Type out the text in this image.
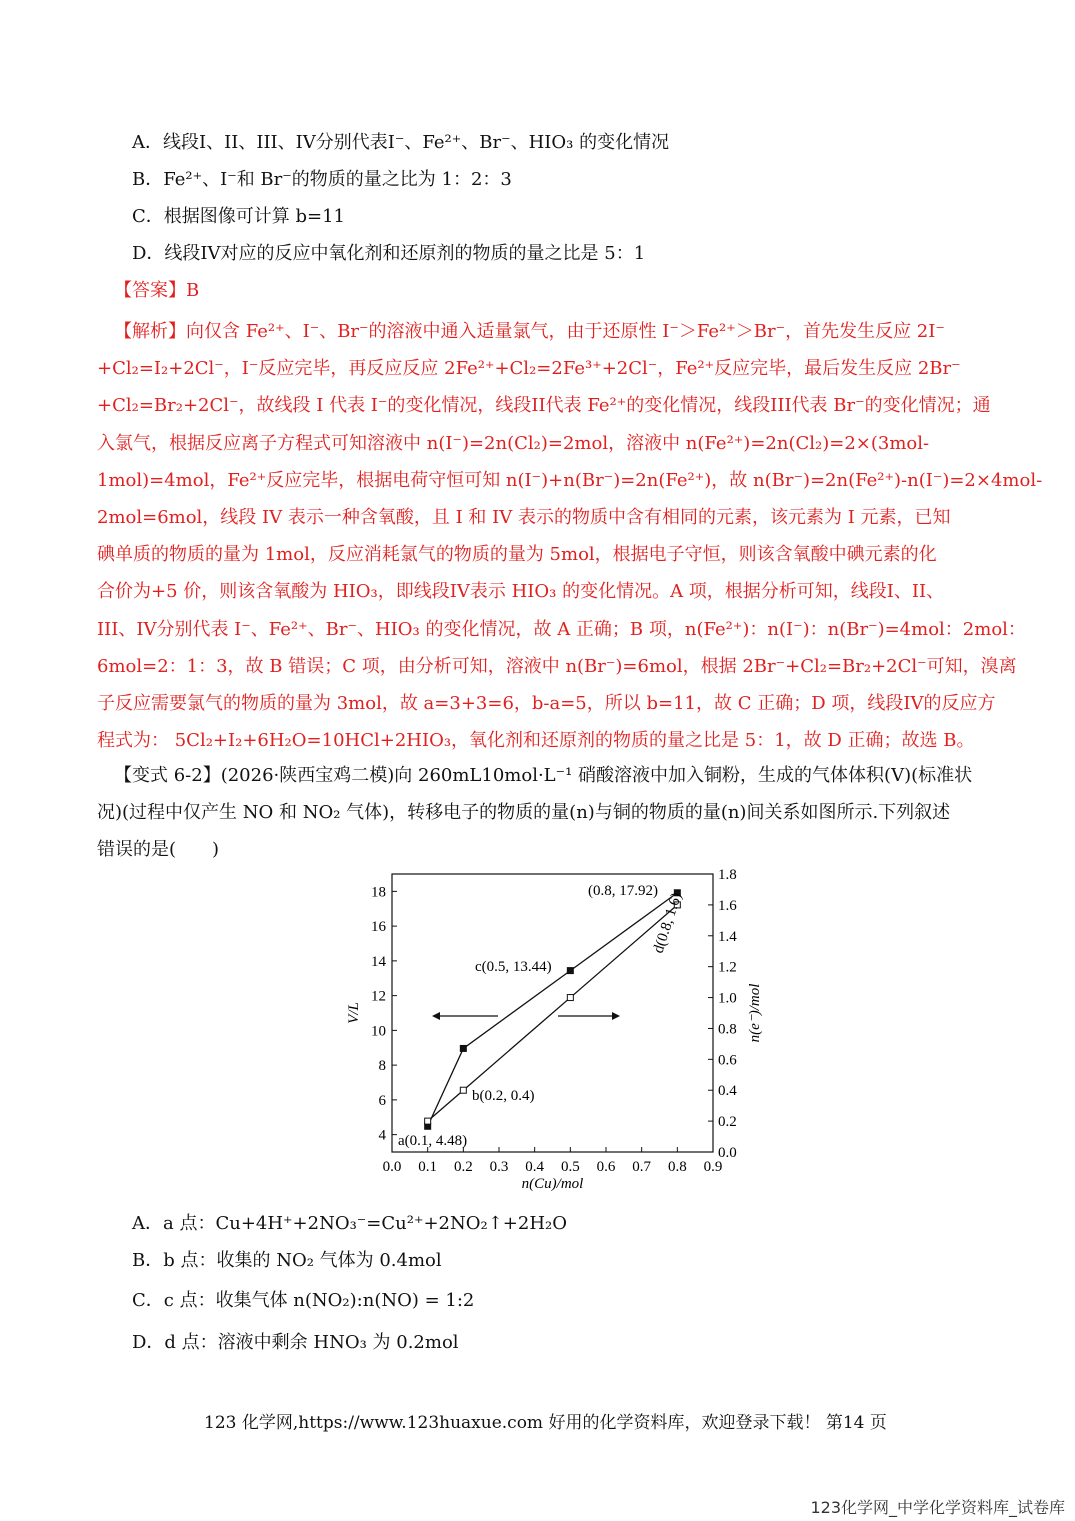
A．线段I、II、III、IV分别代表I⁻、Fe²⁺、Br⁻、HIO₃ 的变化情况
B．Fe²⁺、I⁻和 Br⁻的物质的量之比为 1：2：3
C．根据图像可计算 b=11
D．线段IV对应的反应中氧化剂和还原剂的物质的量之比是 5：1
【答案】B
【解析】向仅含 Fe²⁺、I⁻、Br⁻的溶液中通入适量氯气，由于还原性 I⁻＞Fe²⁺＞Br⁻，首先发生反应 2I⁻
+Cl₂=I₂+2Cl⁻，I⁻反应完毕，再反应反应 2Fe²⁺+Cl₂=2Fe³⁺+2Cl⁻，Fe²⁺反应完毕，最后发生反应 2Br⁻
+Cl₂=Br₂+2Cl⁻，故线段 I 代表 I⁻的变化情况，线段II代表 Fe²⁺的变化情况，线段III代表 Br⁻的变化情况；通
入氯气，根据反应离子方程式可知溶液中 n(I⁻)=2n(Cl₂)=2mol，溶液中 n(Fe²⁺)=2n(Cl₂)=2×(3mol-
1mol)=4mol，Fe²⁺反应完毕，根据电荷守恒可知 n(I⁻)+n(Br⁻)=2n(Fe²⁺)，故 n(Br⁻)=2n(Fe²⁺)-n(I⁻)=2×4mol-
2mol=6mol，线段 IV 表示一种含氧酸，且 I 和 IV 表示的物质中含有相同的元素，该元素为 I 元素，已知
碘单质的物质的量为 1mol，反应消耗氯气的物质的量为 5mol，根据电子守恒，则该含氧酸中碘元素的化
合价为+5 价，则该含氧酸为 HIO₃，即线段IV表示 HIO₃ 的变化情况。A 项，根据分析可知，线段I、II、
III、IV分别代表 I⁻、Fe²⁺、Br⁻、HIO₃ 的变化情况，故 A 正确；B 项，n(Fe²⁺)：n(I⁻)：n(Br⁻)=4mol：2mol：
6mol=2：1：3，故 B 错误；C 项，由分析可知，溶液中 n(Br⁻)=6mol，根据 2Br⁻+Cl₂=Br₂+2Cl⁻可知，溴离
子反应需要氯气的物质的量为 3mol，故 a=3+3=6，b-a=5，所以 b=11，故 C 正确；D 项，线段IV的反应方
程式为： 5Cl₂+I₂+6H₂O=10HCl+2HIO₃，氧化剂和还原剂的物质的量之比是 5：1，故 D 正确；故选 B。
【变式 6-2】(2026·陕西宝鸡二模)向 260mL10mol·L⁻¹ 硝酸溶液中加入铜粉，生成的气体体积(V)(标准状
况)(过程中仅产生 NO 和 NO₂ 气体)，转移电子的物质的量(n)与铜的物质的量(n)间关系如图所示.下列叙述
错误的是(　　)
0.0 0.1 0.2 0.3 0.4 0.5 0.6 0.7 0.8 0.9
4
6
8
10
12
14
16
18
0.0
0.2
0.4
0.6
0.8
1.0
1.2
1.4
1.6
1.8
n(Cu)/mol
V/L	n(e⁻)/mol
a(0.1, 4.48)
b(0.2, 0.4)
c(0.5, 13.44)
d(0.8, 1.6)
(0.8, 17.92)
A．a 点：Cu+4H⁺+2NO₃⁻=Cu²⁺+2NO₂↑+2H₂O
B．b 点：收集的 NO₂ 气体为 0.4mol
C．c 点：收集气体 n(NO₂):n(NO) = 1:2
D．d 点：溶液中剩余 HNO₃ 为 0.2mol
123 化学网,https://www.123huaxue.com 好用的化学资料库，欢迎登录下载！ 第14 页
123化学网_中学化学资料库_试卷库
